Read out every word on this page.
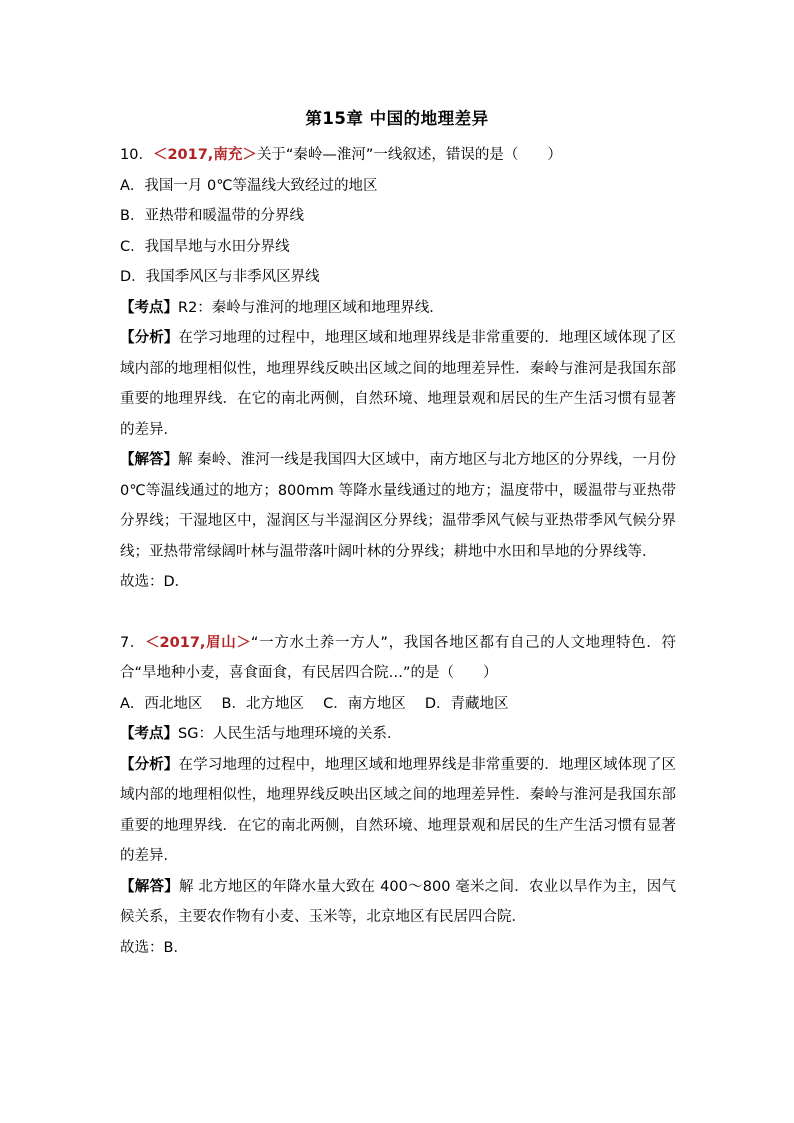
第15章 中国的地理差异
10．＜2017,南充＞关于“秦岭—淮河”一线叙述，错误的是（　　）
A．我国一月 0℃等温线大致经过的地区
B．亚热带和暖温带的分界线
C．我国旱地与水田分界线
D．我国季风区与非季风区界线
【考点】R2：秦岭与淮河的地理区域和地理界线．
【分析】在学习地理的过程中，地理区域和地理界线是非常重要的．地理区域体现了区域内部的地理相似性，地理界线反映出区域之间的地理差异性．秦岭与淮河是我国东部重要的地理界线．在它的南北两侧，自然环境、地理景观和居民的生产生活习惯有显著的差异．
【解答】解 秦岭、淮河一线是我国四大区域中，南方地区与北方地区的分界线，一月份 0℃等温线通过的地方；800mm 等降水量线通过的地方；温度带中，暖温带与亚热带分界线；干湿地区中，湿润区与半湿润区分界线；温带季风气候与亚热带季风气候分界线；亚热带常绿阔叶林与温带落叶阔叶林的分界线；耕地中水田和旱地的分界线等．
故选：D．
7．＜2017,眉山＞“一方水土养一方人”，我国各地区都有自己的人文地理特色．符合“旱地种小麦，喜食面食，有民居四合院…”的是（　　）
A．西北地区　 B．北方地区　 C．南方地区　 D．青藏地区
【考点】SG：人民生活与地理环境的关系．
【分析】在学习地理的过程中，地理区域和地理界线是非常重要的．地理区域体现了区域内部的地理相似性，地理界线反映出区域之间的地理差异性．秦岭与淮河是我国东部重要的地理界线．在它的南北两侧，自然环境、地理景观和居民的生产生活习惯有显著的差异．
【解答】解 北方地区的年降水量大致在 400～800 毫米之间．农业以旱作为主，因气候关系，主要农作物有小麦、玉米等，北京地区有民居四合院．
故选：B．
